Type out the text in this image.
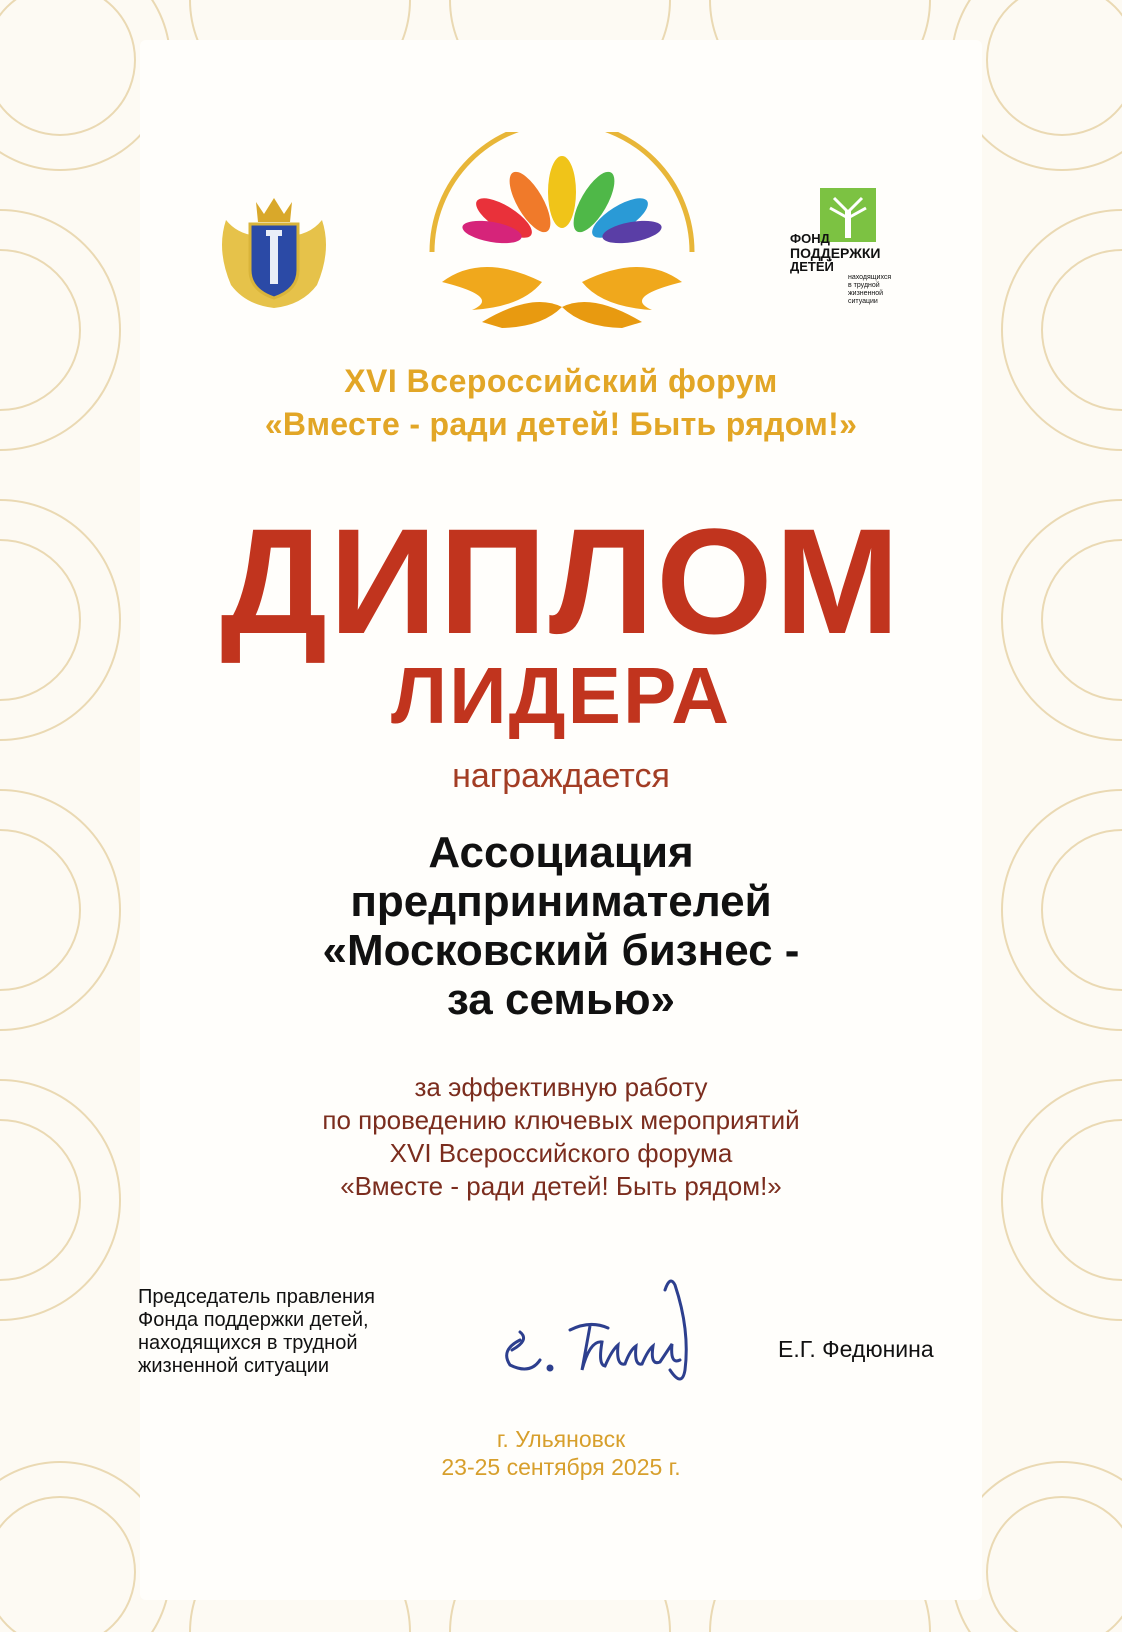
ФОНД
ПОДДЕРЖКИ
ДЕТЕЙ
находящихся
в трудной
жизненной
ситуации
XVI Всероссийский форум
«Вместе - ради детей! Быть рядом!»
ДИПЛОМ
ЛИДЕРА
награждается
Ассоциация
предпринимателей
«Московский бизнес -
за семью»
за эффективную работу
по проведению ключевых мероприятий
XVI Всероссийского форума
«Вместе - ради детей! Быть рядом!»
Председатель правления
Фонда поддержки детей,
находящихся в трудной
жизненной ситуации
Е.Г. Федюнина
г. Ульяновск
23-25 сентября 2025 г.
